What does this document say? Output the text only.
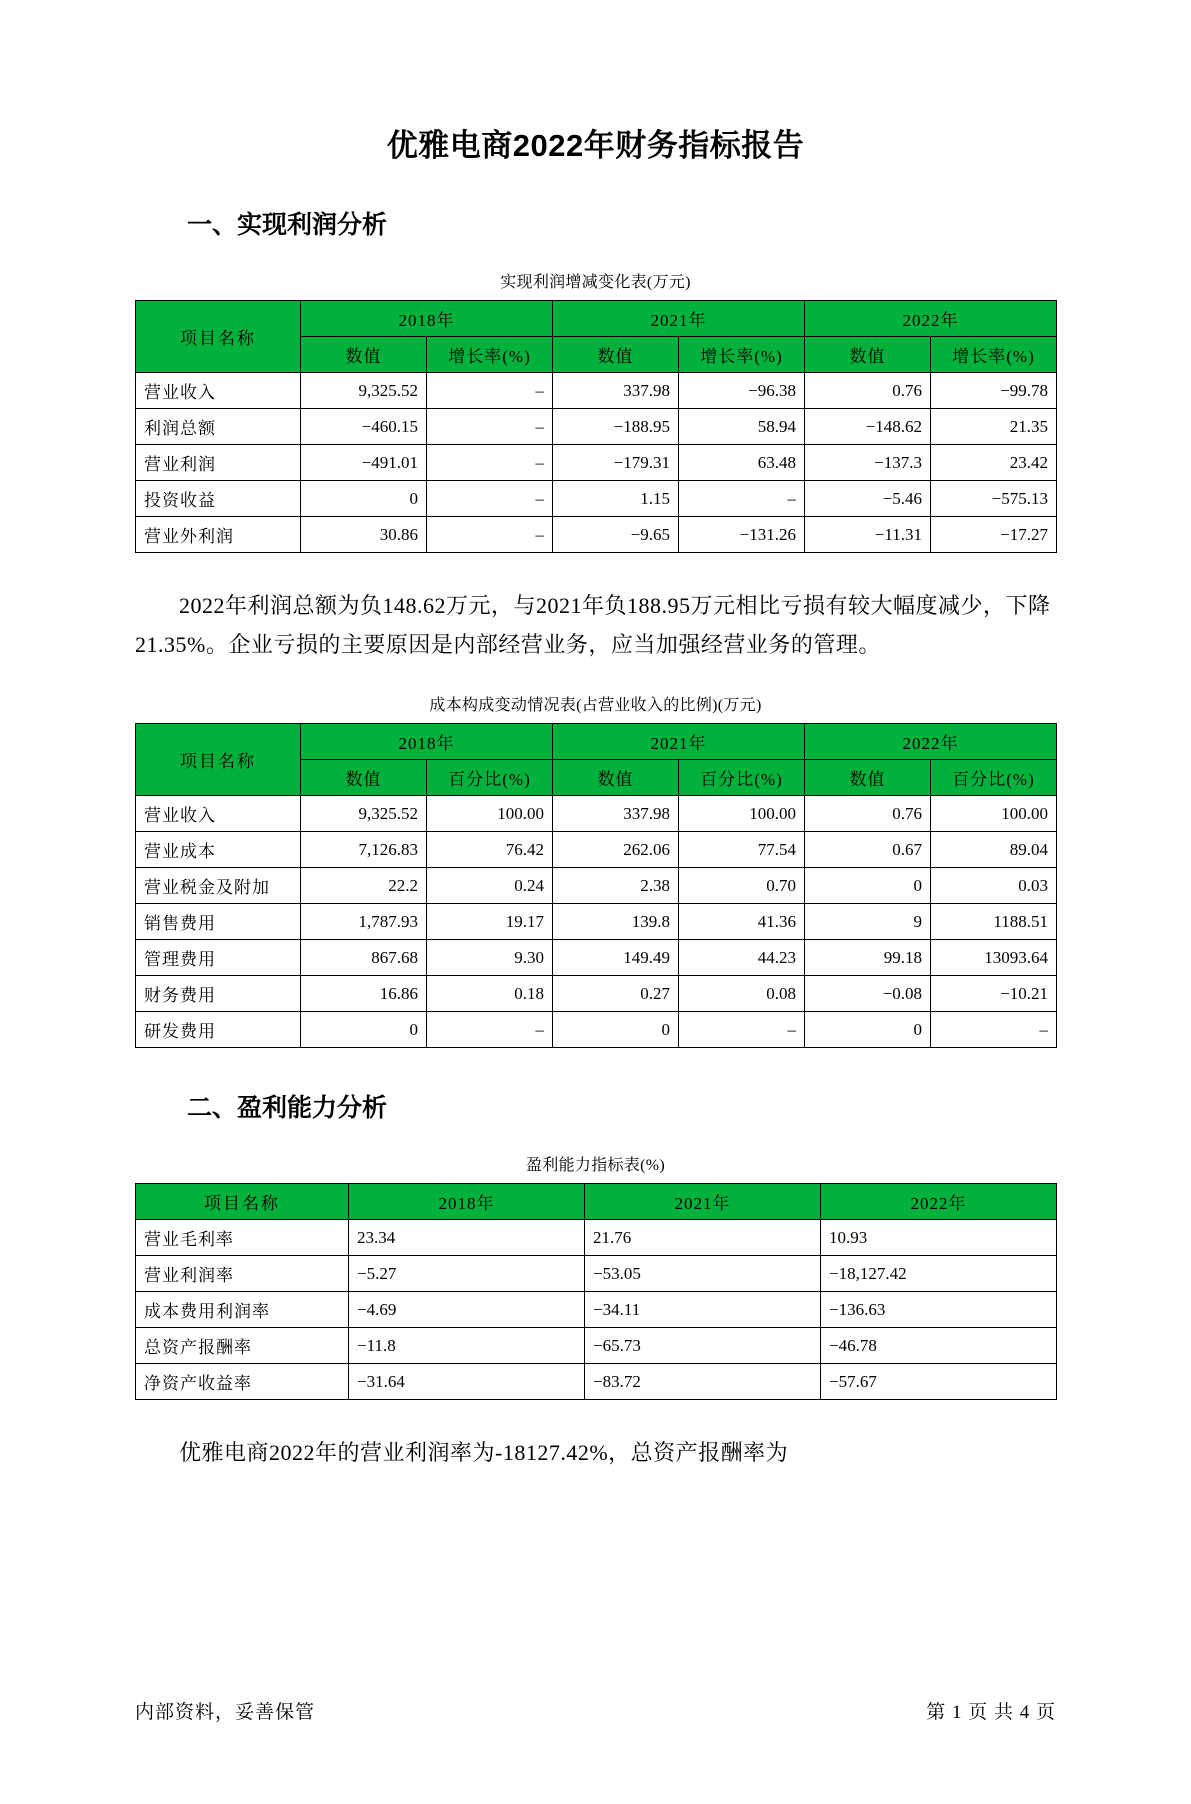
优雅电商2022年财务指标报告
一、实现利润分析
实现利润增减变化表(万元)
项目名称	2018年		2021年		2022年	
	数值	增长率(%)	数值	增长率(%)	数值	增长率(%)
营业收入	9,325.52	–	337.98	−96.38	0.76	−99.78
利润总额	−460.15	–	−188.95	58.94	−148.62	21.35
营业利润	−491.01	–	−179.31	63.48	−137.3	23.42
投资收益	0	–	1.15	–	−5.46	−575.13
营业外利润	30.86	–	−9.65	−131.26	−11.31	−17.27

2022年利润总额为负148.62万元，与2021年负188.95万元相比亏损有较大幅度减少，下降21.35%。企业亏损的主要原因是内部经营业务，应当加强经营业务的管理。

成本构成变动情况表(占营业收入的比例)(万元)
项目名称	2018年		2021年		2022年	
	数值	百分比(%)	数值	百分比(%)	数值	百分比(%)
营业收入	9,325.52	100.00	337.98	100.00	0.76	100.00
营业成本	7,126.83	76.42	262.06	77.54	0.67	89.04
营业税金及附加	22.2	0.24	2.38	0.70	0	0.03
销售费用	1,787.93	19.17	139.8	41.36	9	1188.51
管理费用	867.68	9.30	149.49	44.23	99.18	13093.64
财务费用	16.86	0.18	0.27	0.08	−0.08	−10.21
研发费用	0	–	0	–	0	–
二、盈利能力分析
盈利能力指标表(%)
项目名称	2018年	2021年	2022年
营业毛利率	23.34	21.76	10.93
营业利润率	−5.27	−53.05	−18,127.42
成本费用利润率	−4.69	−34.11	−136.63
总资产报酬率	−11.8	−65.73	−46.78
净资产收益率	−31.64	−83.72	−57.67

优雅电商2022年的营业利润率为-18127.42%，总资产报酬率为

内部资料，妥善保管	第 1 页 共 4 页
